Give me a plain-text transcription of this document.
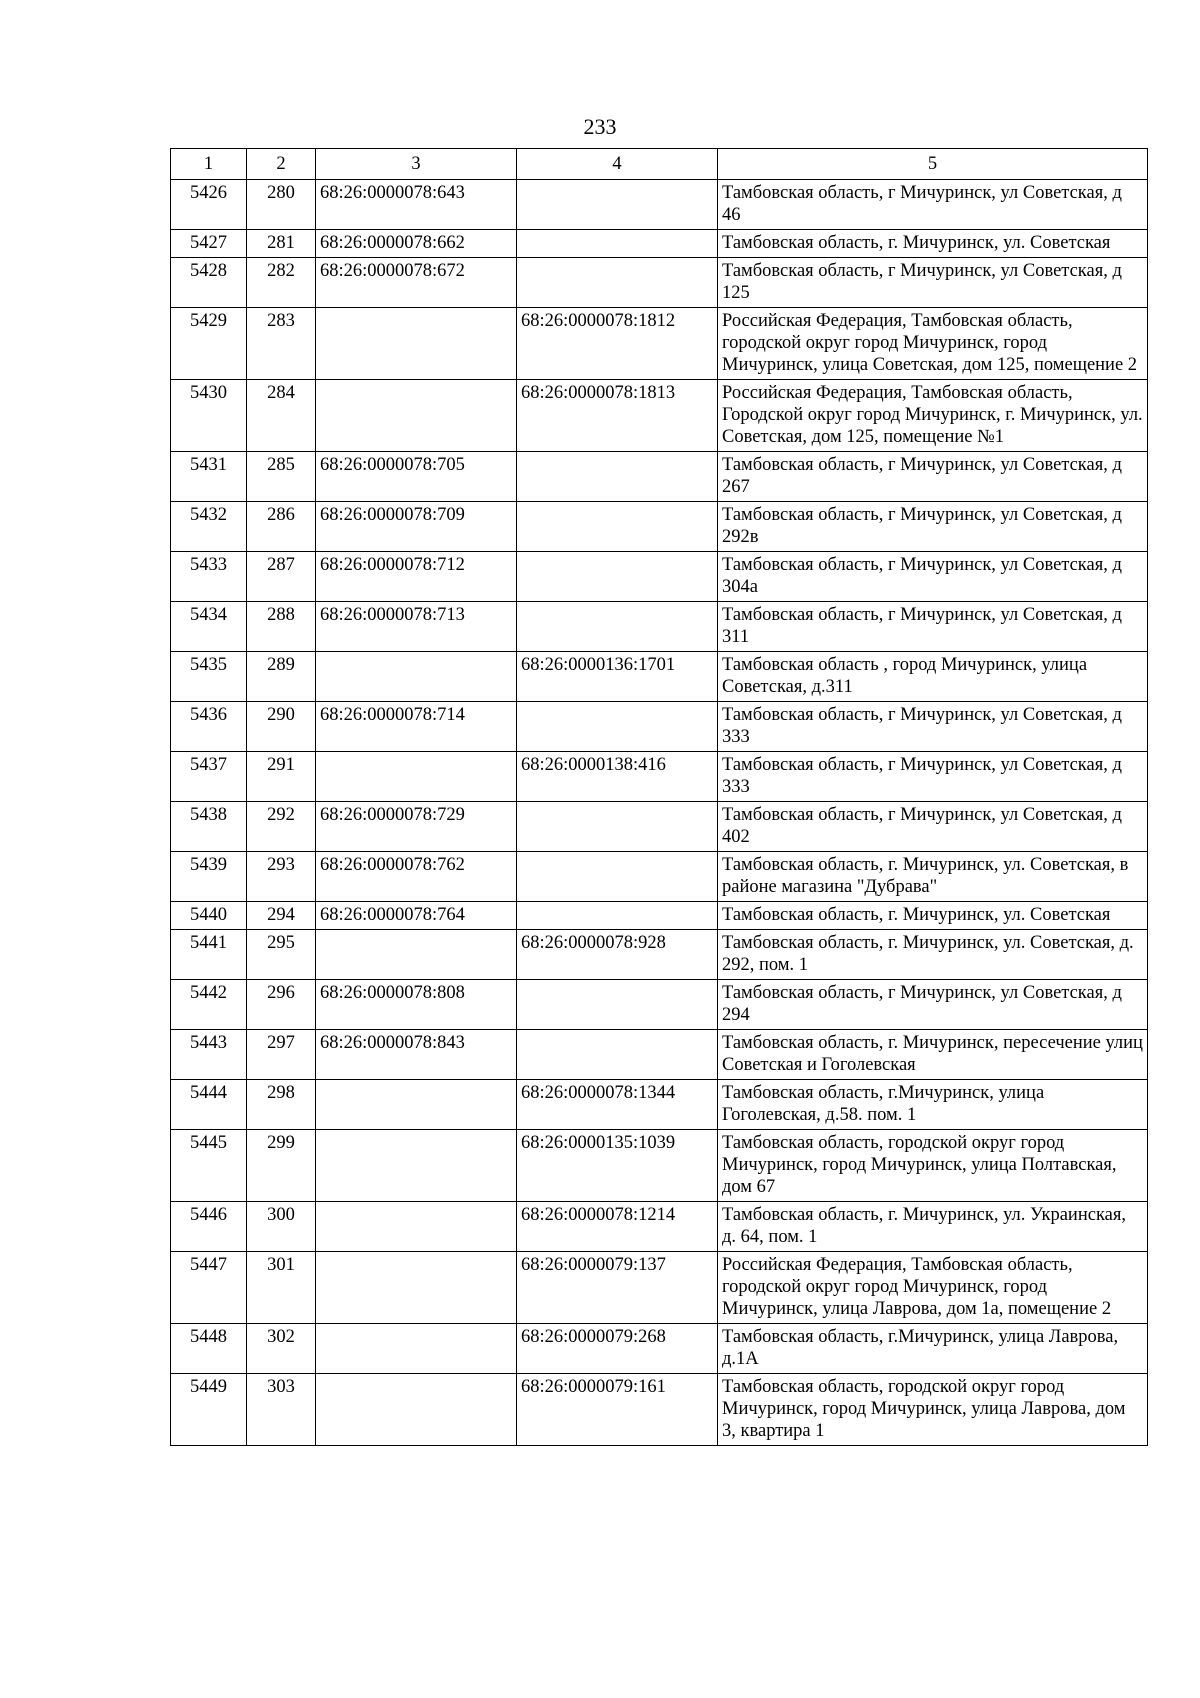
233
1	2	3	4	5
5426	280	68:26:0000078:643		Тамбовская область, г Мичуринск, ул Советская, д 46
5427	281	68:26:0000078:662		Тамбовская область, г. Мичуринск, ул. Советская
5428	282	68:26:0000078:672		Тамбовская область, г Мичуринск, ул Советская, д 125
5429	283		68:26:0000078:1812	Российская Федерация, Тамбовская область, городской округ город Мичуринск, город Мичуринск, улица Советская, дом 125, помещение 2
5430	284		68:26:0000078:1813	Российская Федерация, Тамбовская область, Городской округ город Мичуринск, г. Мичуринск, ул. Советская, дом 125, помещение №1
5431	285	68:26:0000078:705		Тамбовская область, г Мичуринск, ул Советская, д 267
5432	286	68:26:0000078:709		Тамбовская область, г Мичуринск, ул Советская, д 292в
5433	287	68:26:0000078:712		Тамбовская область, г Мичуринск, ул Советская, д 304а
5434	288	68:26:0000078:713		Тамбовская область, г Мичуринск, ул Советская, д 311
5435	289		68:26:0000136:1701	Тамбовская область , город Мичуринск, улица Советская, д.311
5436	290	68:26:0000078:714		Тамбовская область, г Мичуринск, ул Советская, д 333
5437	291		68:26:0000138:416	Тамбовская область, г Мичуринск, ул Советская, д 333
5438	292	68:26:0000078:729		Тамбовская область, г Мичуринск, ул Советская, д 402
5439	293	68:26:0000078:762		Тамбовская область, г. Мичуринск, ул. Советская, в районе магазина "Дубрава"
5440	294	68:26:0000078:764		Тамбовская область, г. Мичуринск, ул. Советская
5441	295		68:26:0000078:928	Тамбовская область, г. Мичуринск, ул. Советская, д. 292, пом. 1
5442	296	68:26:0000078:808		Тамбовская область, г Мичуринск, ул Советская, д 294
5443	297	68:26:0000078:843		Тамбовская область, г. Мичуринск, пересечение улиц Советская и Гоголевская
5444	298		68:26:0000078:1344	Тамбовская область, г.Мичуринск, улица Гоголевская, д.58. пом. 1
5445	299		68:26:0000135:1039	Тамбовская область, городской округ город Мичуринск, город Мичуринск, улица Полтавская, дом 67
5446	300		68:26:0000078:1214	Тамбовская область, г. Мичуринск, ул. Украинская, д. 64, пом. 1
5447	301		68:26:0000079:137	Российская Федерация, Тамбовская область, городской округ город Мичуринск, город Мичуринск, улица Лаврова, дом 1а, помещение 2
5448	302		68:26:0000079:268	Тамбовская область, г.Мичуринск, улица Лаврова, д.1А
5449	303		68:26:0000079:161	Тамбовская область, городской округ город Мичуринск, город Мичуринск, улица Лаврова, дом 3, квартира 1
